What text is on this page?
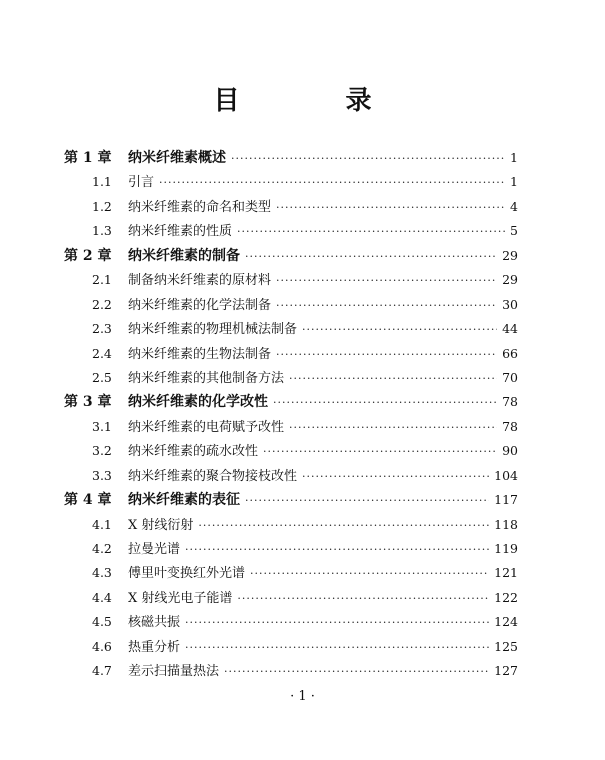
目　录
第 1 章	纳米纤维素概述 ·····	1
1.1	引言 ·····	1
1.2	纳米纤维素的命名和类型 ·····	4
1.3	纳米纤维素的性质 ·····	5
第 2 章	纳米纤维素的制备 ·····	29
2.1	制备纳米纤维素的原材料 ·····	29
2.2	纳米纤维素的化学法制备 ·····	30
2.3	纳米纤维素的物理机械法制备 ·····	44
2.4	纳米纤维素的生物法制备 ·····	66
2.5	纳米纤维素的其他制备方法 ·····	70
第 3 章	纳米纤维素的化学改性 ·····	78
3.1	纳米纤维素的电荷赋予改性 ·····	78
3.2	纳米纤维素的疏水改性 ·····	90
3.3	纳米纤维素的聚合物接枝改性 ·····	104
第 4 章	纳米纤维素的表征 ·····	117
4.1	X 射线衍射 ·····	118
4.2	拉曼光谱 ·····	119
4.3	傅里叶变换红外光谱 ·····	121
4.4	X 射线光电子能谱 ·····	122
4.5	核磁共振 ·····	124
4.6	热重分析 ·····	125
4.7	差示扫描量热法 ·····	127
· 1 ·
